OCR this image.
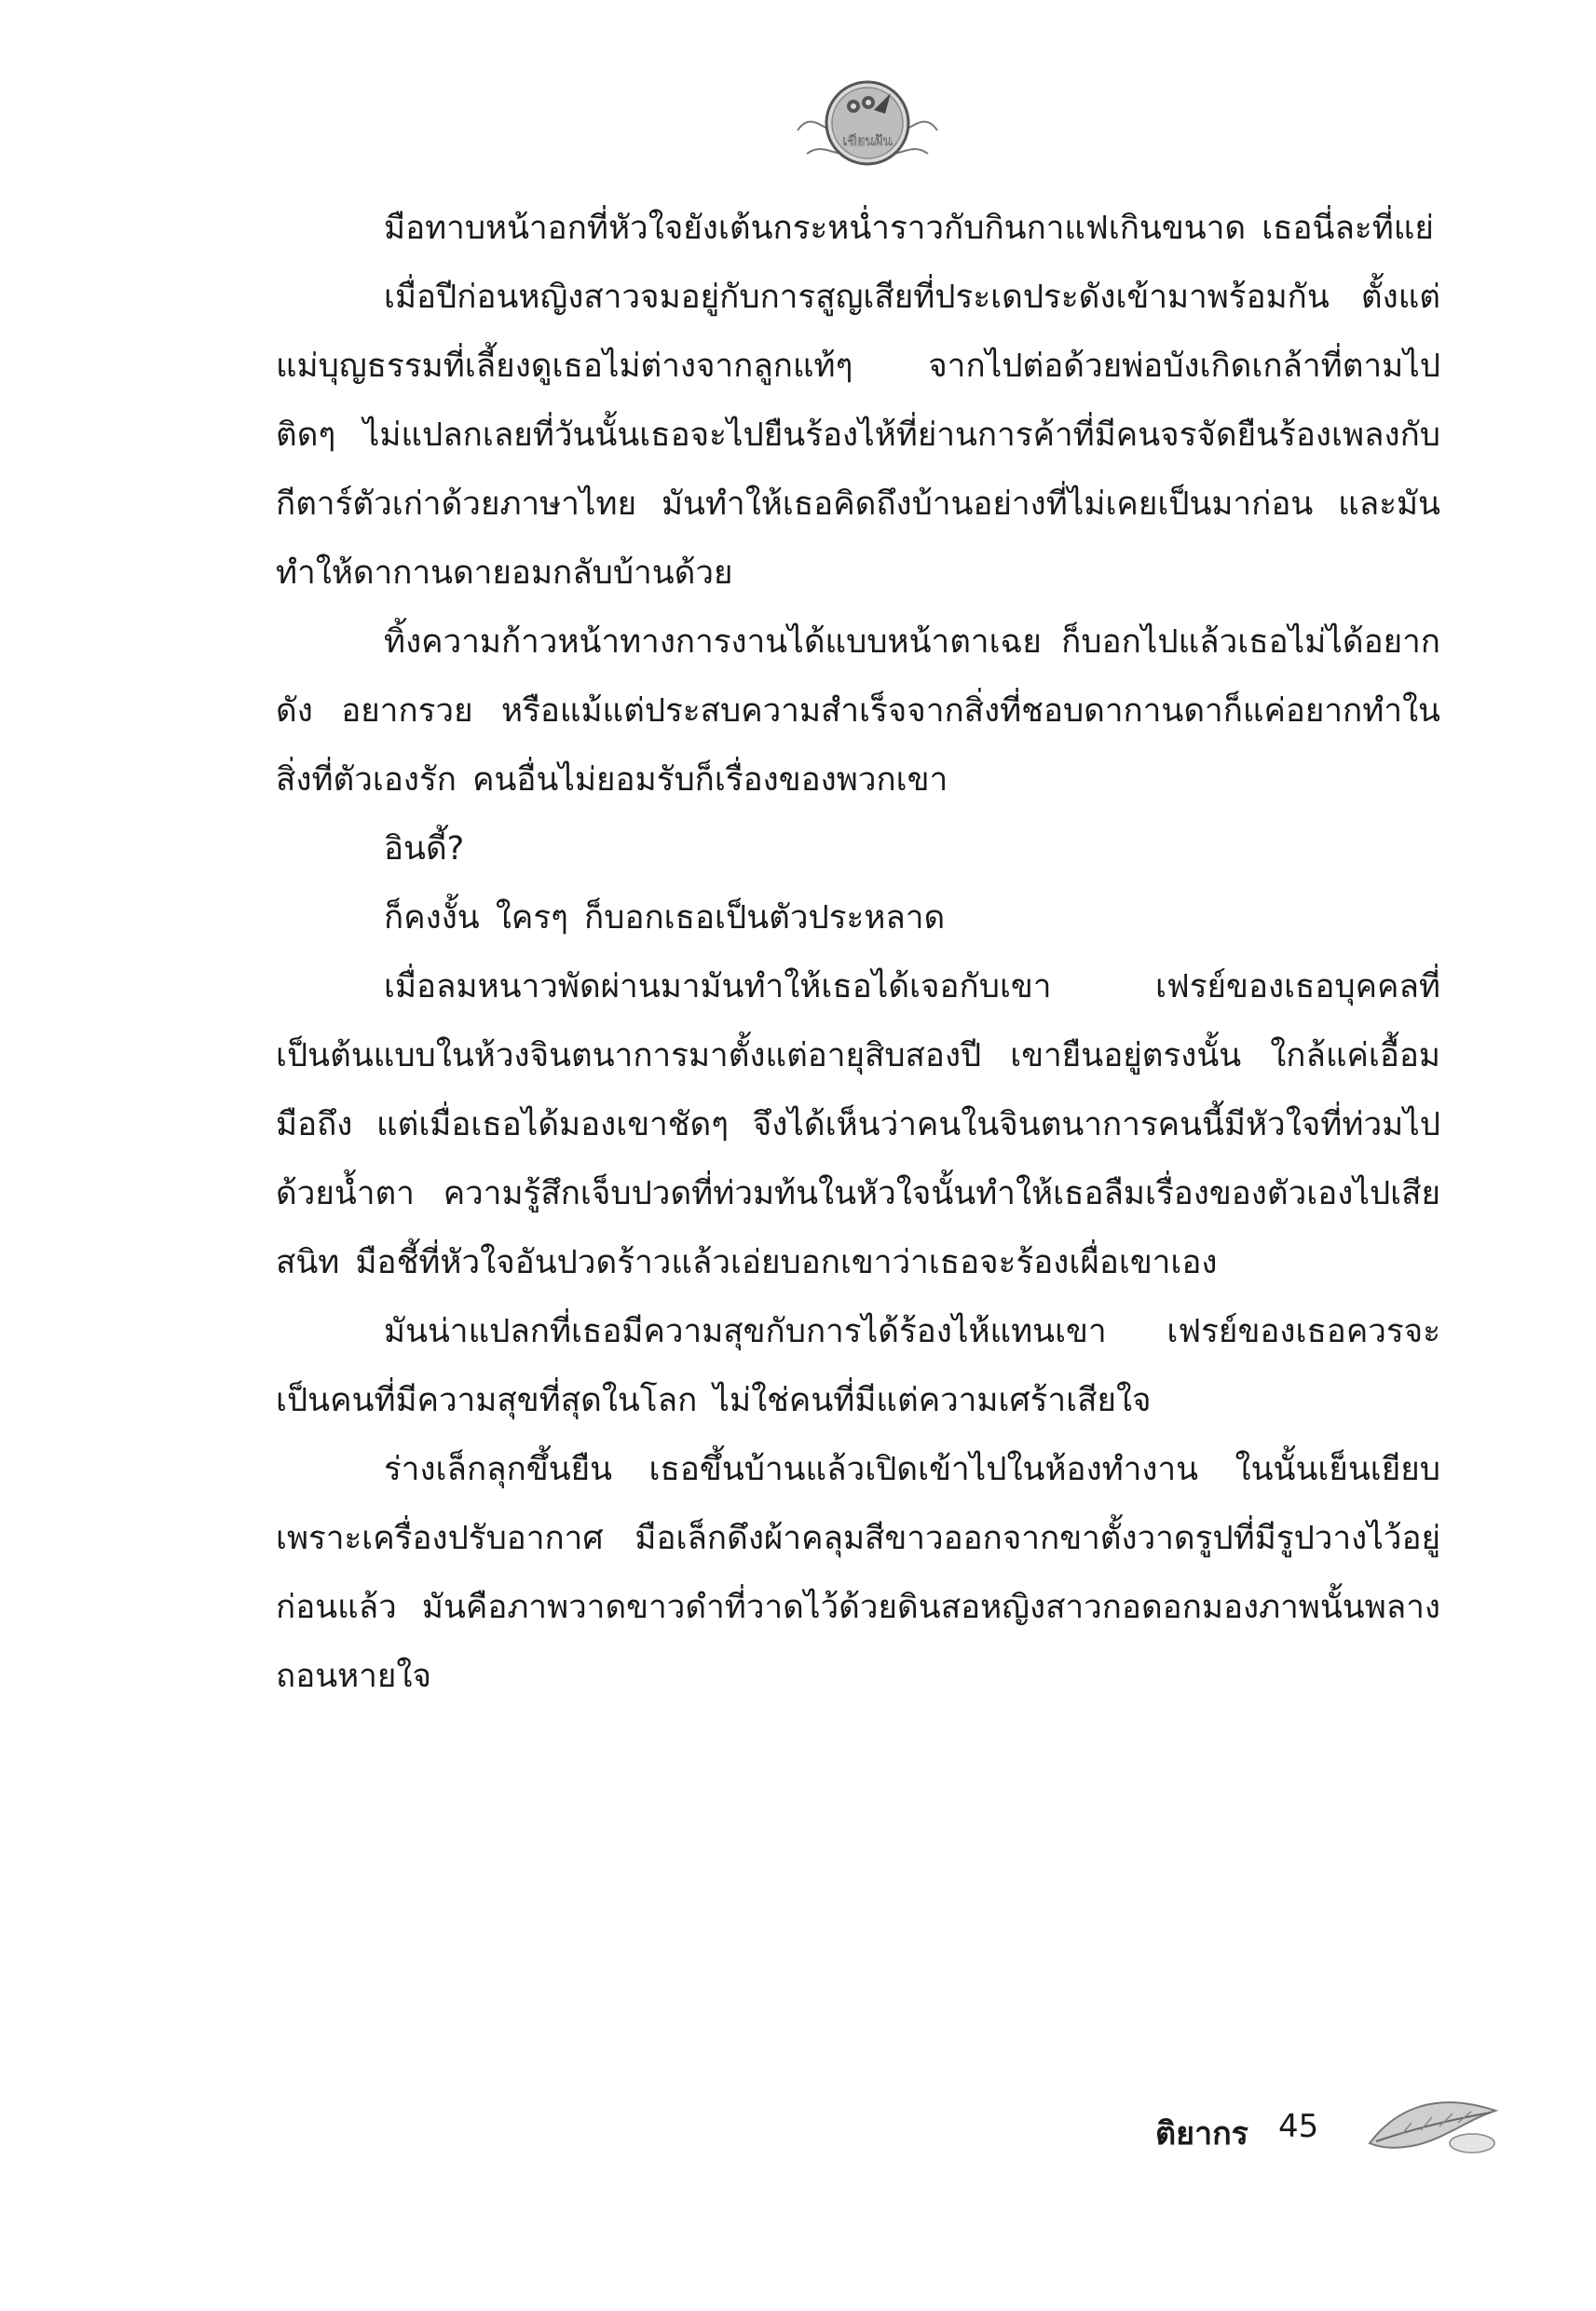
เขียนฝัน

มือทาบหน้าอกที่หัวใจยังเต้นกระหน่ำราวกับกินกาแฟเกินขนาด เธอนี่ละที่แย่

เมื่อปีก่อนหญิงสาวจมอยู่กับการสูญเสียที่ประเดประดังเข้ามาพร้อมกัน ตั้งแต่แม่บุญธรรมที่เลี้ยงดูเธอไม่ต่างจากลูกแท้ๆ จากไปต่อด้วยพ่อบังเกิดเกล้าที่ตามไปติดๆ ไม่แปลกเลยที่วันนั้นเธอจะไปยืนร้องไห้ที่ย่านการค้าที่มีคนจรจัดยืนร้องเพลงกับกีตาร์ตัวเก่าด้วยภาษาไทย มันทำให้เธอคิดถึงบ้านอย่างที่ไม่เคยเป็นมาก่อน และมันทำให้ดากานดายอมกลับบ้านด้วย

ทิ้งความก้าวหน้าทางการงานได้แบบหน้าตาเฉย ก็บอกไปแล้วเธอไม่ได้อยากดัง อยากรวย หรือแม้แต่ประสบความสำเร็จจากสิ่งที่ชอบดากานดาก็แค่อยากทำในสิ่งที่ตัวเองรัก คนอื่นไม่ยอมรับก็เรื่องของพวกเขา

อินดี้?

ก็คงงั้น ใครๆ ก็บอกเธอเป็นตัวประหลาด

เมื่อลมหนาวพัดผ่านมามันทำให้เธอได้เจอกับเขา เฟรย์ของเธอบุคคลที่เป็นต้นแบบในห้วงจินตนาการมาตั้งแต่อายุสิบสองปี เขายืนอยู่ตรงนั้น ใกล้แค่เอื้อมมือถึง แต่เมื่อเธอได้มองเขาชัดๆ จึงได้เห็นว่าคนในจินตนาการคนนี้มีหัวใจที่ท่วมไปด้วยน้ำตา ความรู้สึกเจ็บปวดที่ท่วมท้นในหัวใจนั้นทำให้เธอลืมเรื่องของตัวเองไปเสียสนิท มือชี้ที่หัวใจอันปวดร้าวแล้วเอ่ยบอกเขาว่าเธอจะร้องเผื่อเขาเอง

มันน่าแปลกที่เธอมีความสุขกับการได้ร้องไห้แทนเขา เฟรย์ของเธอควรจะเป็นคนที่มีความสุขที่สุดในโลก ไม่ใช่คนที่มีแต่ความเศร้าเสียใจ

ร่างเล็กลุกขึ้นยืน เธอขึ้นบ้านแล้วเปิดเข้าไปในห้องทำงาน ในนั้นเย็นเยียบเพราะเครื่องปรับอากาศ มือเล็กดึงผ้าคลุมสีขาวออกจากขาตั้งวาดรูปที่มีรูปวางไว้อยู่ก่อนแล้ว มันคือภาพวาดขาวดำที่วาดไว้ด้วยดินสอหญิงสาวกอดอกมองภาพนั้นพลางถอนหายใจ

ติยากร 45
